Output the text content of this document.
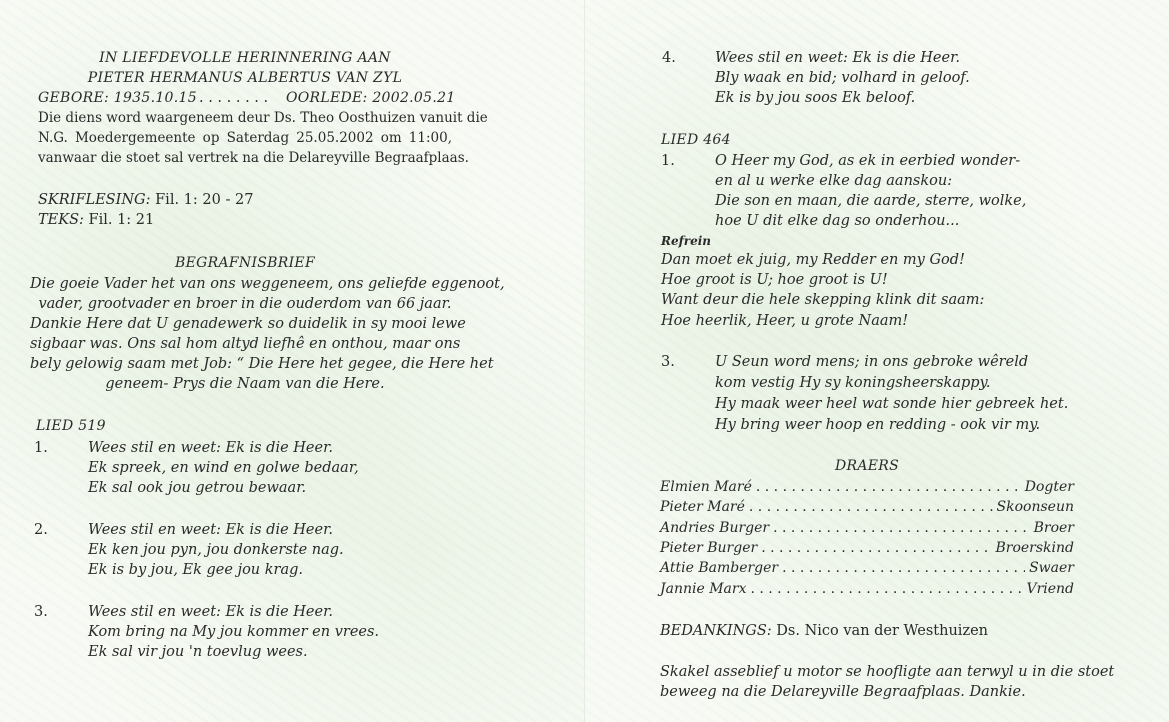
IN LIEFDEVOLLE HERINNERING AAN
PIETER HERMANUS ALBERTUS VAN ZYL
GEBORE: 1935.10.15 . . . . . . . . OORLEDE: 2002.05.21
Die diens word waargeneem deur Ds. Theo Oosthuizen vanuit die
N.G. Moedergemeente op Saterdag 25.05.2002 om 11:00,
vanwaar die stoet sal vertrek na die Delareyville Begraafplaas.
SKRIFLESING: Fil. 1: 20 - 27
TEKS: Fil. 1: 21
BEGRAFNISBRIEF
Die goeie Vader het van ons weggeneem, ons geliefde eggenoot,
vader, grootvader en broer in die ouderdom van 66 jaar.
Dankie Here dat U genadewerk so duidelik in sy mooi lewe
sigbaar was. Ons sal hom altyd liefhê en onthou, maar ons
bely gelowig saam met Job: “ Die Here het gegee, die Here het
geneem- Prys die Naam van die Here.
LIED 519
1.	Wees stil en weet: Ek is die Heer.
Ek spreek, en wind en golwe bedaar,
Ek sal ook jou getrou bewaar.
2.	Wees stil en weet: Ek is die Heer.
Ek ken jou pyn, jou donkerste nag.
Ek is by jou, Ek gee jou krag.
3.	Wees stil en weet: Ek is die Heer.
Kom bring na My jou kommer en vrees.
Ek sal vir jou 'n toevlug wees.
4.	Wees stil en weet: Ek is die Heer.
Bly waak en bid; volhard in geloof.
Ek is by jou soos Ek beloof.
LIED 464
1.	O Heer my God, as ek in eerbied wonder-
en al u werke elke dag aanskou:
Die son en maan, die aarde, sterre, wolke,
hoe U dit elke dag so onderhou...
Refrein
Dan moet ek juig, my Redder en my God!
Hoe groot is U; hoe groot is U!
Want deur die hele skepping klink dit saam:
Hoe heerlik, Heer, u grote Naam!
3.	U Seun word mens; in ons gebroke wêreld
kom vestig Hy sy koningsheerskappy.
Hy maak weer heel wat sonde hier gebreek het.
Hy bring weer hoop en redding - ook vir my.
DRAERS
Elmien Maré . . .	Dogter
Pieter Maré . . .	Skoonseun
Andries Burger . . .	Broer
Pieter Burger . . .	Broerskind
Attie Bamberger . . .	Swaer
Jannie Marx . . .	Vriend
BEDANKINGS: Ds. Nico van der Westhuizen
Skakel asseblief u motor se hoofligte aan terwyl u in die stoet
beweeg na die Delareyville Begraafplaas. Dankie.
